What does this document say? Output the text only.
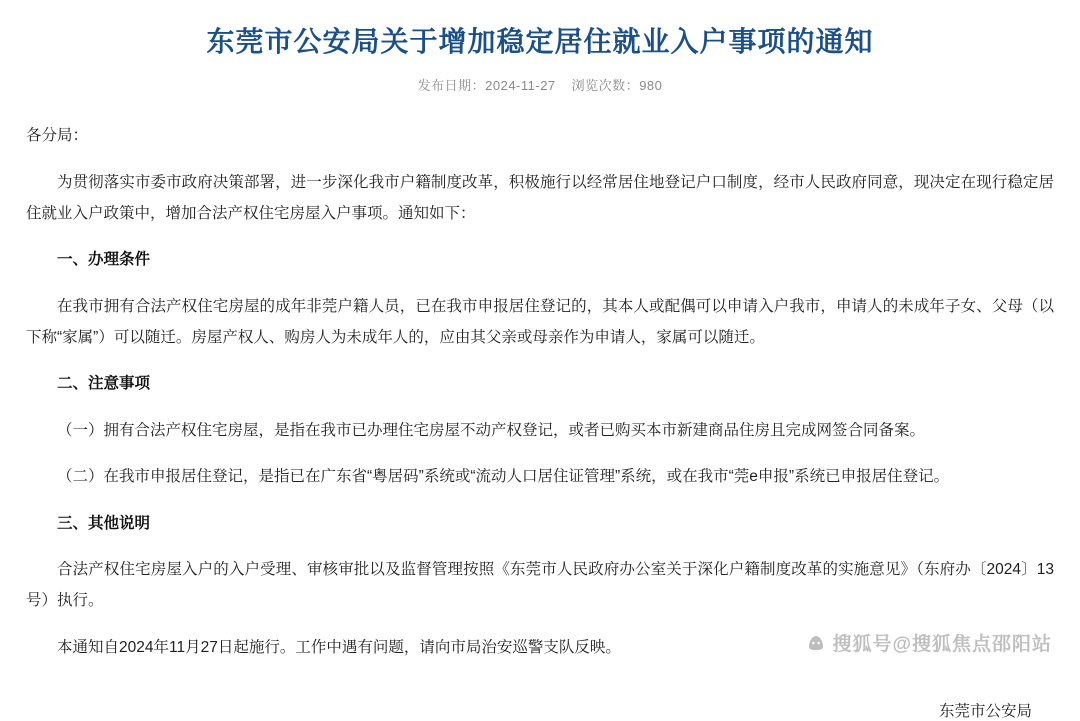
东莞市公安局关于增加稳定居住就业入户事项的通知
发布日期：2024-11-27 浏览次数：980

各分局：

为贯彻落实市委市政府决策部署，进一步深化我市户籍制度改革，积极施行以经常居住地登记户口制度，经市人民政府同意，现决定在现行稳定居住就业入户政策中，增加合法产权住宅房屋入户事项。通知如下：

一、办理条件

在我市拥有合法产权住宅房屋的成年非莞户籍人员，已在我市申报居住登记的，其本人或配偶可以申请入户我市，申请人的未成年子女、父母（以下称“家属”）可以随迁。房屋产权人、购房人为未成年人的，应由其父亲或母亲作为申请人，家属可以随迁。

二、注意事项

（一）拥有合法产权住宅房屋，是指在我市已办理住宅房屋不动产权登记，或者已购买本市新建商品住房且完成网签合同备案。

（二）在我市申报居住登记，是指已在广东省“粤居码”系统或“流动人口居住证管理”系统，或在我市“莞e申报”系统已申报居住登记。

三、其他说明

合法产权住宅房屋入户的入户受理、审核审批以及监督管理按照《东莞市人民政府办公室关于深化户籍制度改革的实施意见》（东府办〔2024〕13号）执行。

本通知自2024年11月27日起施行。工作中遇有问题，请向市局治安巡警支队反映。

东莞市公安局
搜狐号@搜狐焦点邵阳站
